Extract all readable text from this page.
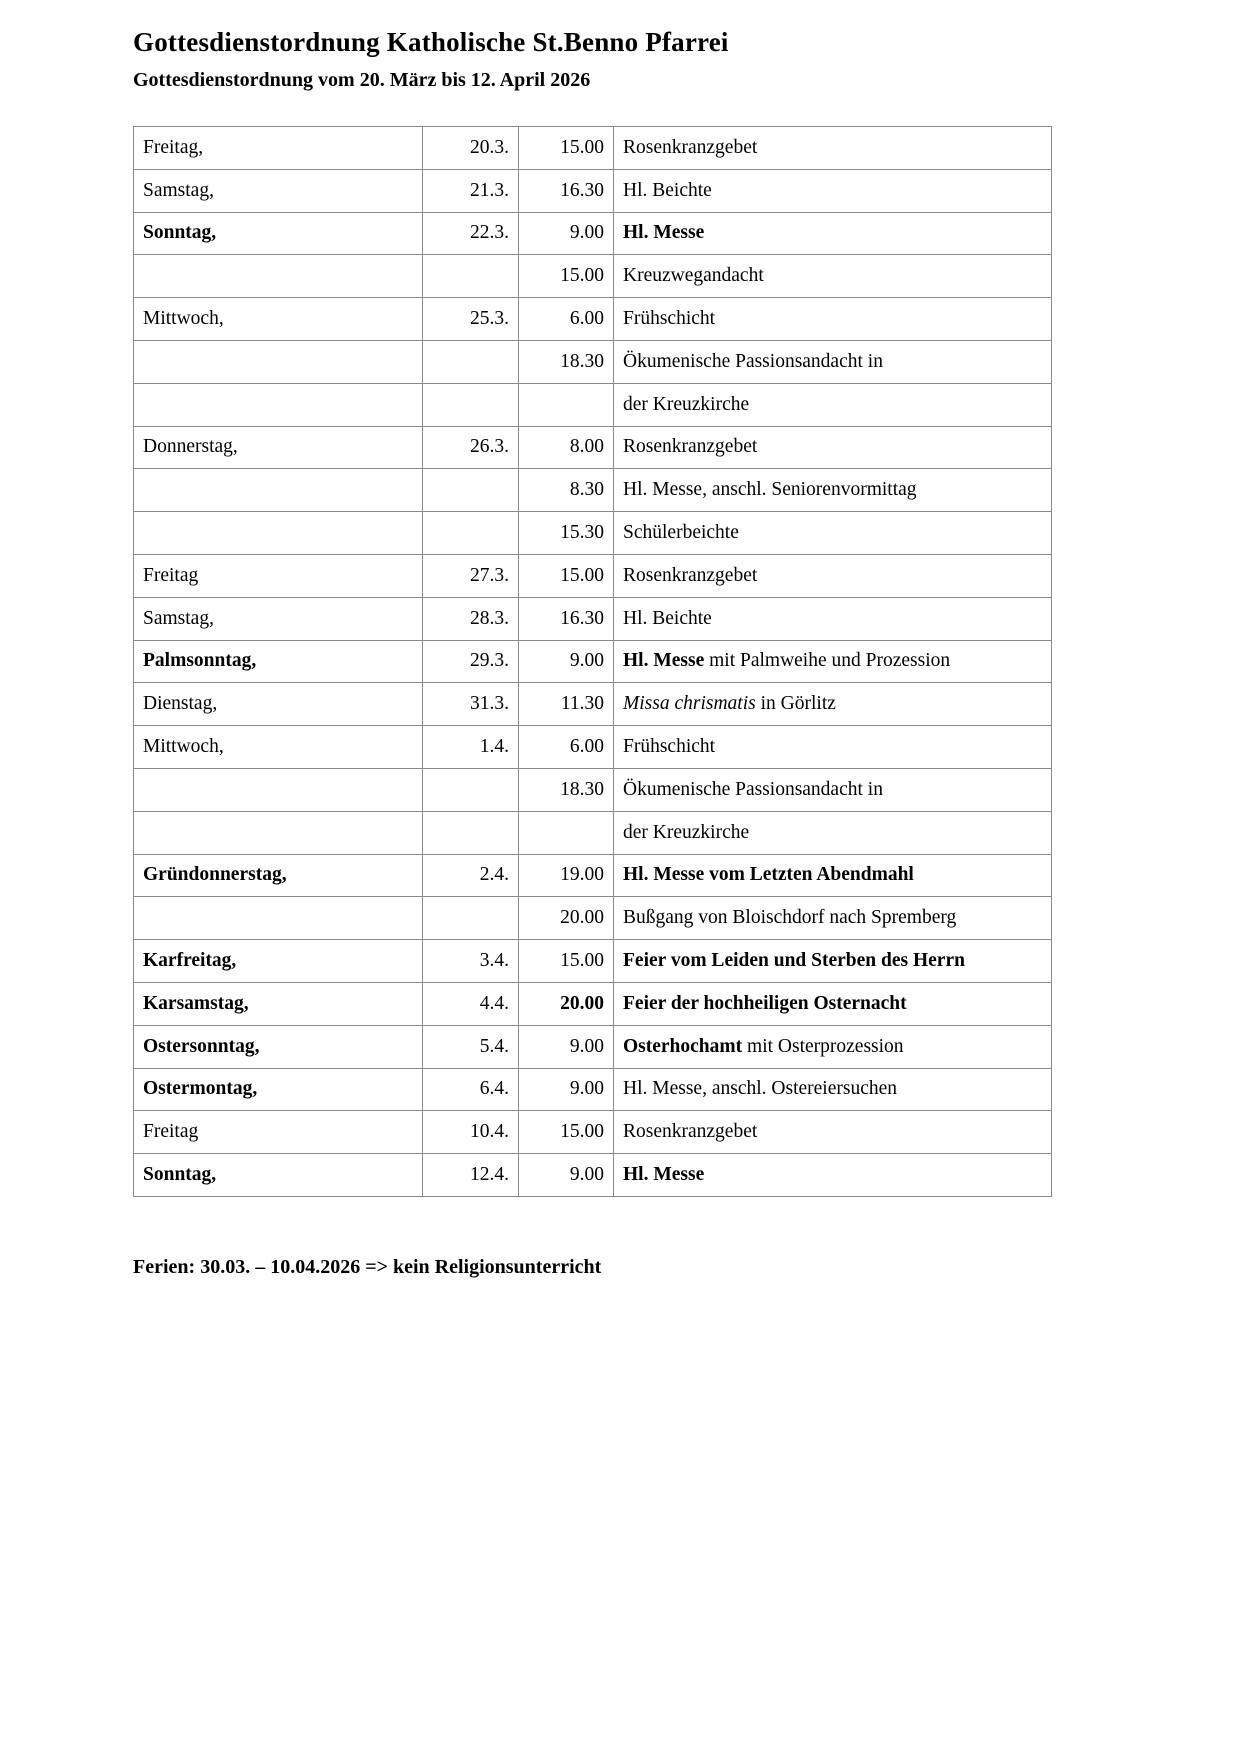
Gottesdienstordnung Katholische St.Benno Pfarrei
Gottesdienstordnung vom 20. März bis 12. April 2026
Freitag,	20.3.	15.00	Rosenkranzgebet
Samstag,	21.3.	16.30	Hl. Beichte
Sonntag,	22.3.	9.00	Hl. Messe
		15.00	Kreuzwegandacht
Mittwoch,	25.3.	6.00	Frühschicht
		18.30	Ökumenische Passionsandacht in
			der Kreuzkirche
Donnerstag,	26.3.	8.00	Rosenkranzgebet
		8.30	Hl. Messe, anschl. Seniorenvormittag
		15.30	Schülerbeichte
Freitag	27.3.	15.00	Rosenkranzgebet
Samstag,	28.3.	16.30	Hl. Beichte
Palmsonntag,	29.3.	9.00	Hl. Messe mit Palmweihe und Prozession
Dienstag,	31.3.	11.30	Missa chrismatis in Görlitz
Mittwoch,	1.4.	6.00	Frühschicht
		18.30	Ökumenische Passionsandacht in
			der Kreuzkirche
Gründonnerstag,	2.4.	19.00	Hl. Messe vom Letzten Abendmahl
		20.00	Bußgang von Bloischdorf nach Spremberg
Karfreitag,	3.4.	15.00	Feier vom Leiden und Sterben des Herrn
Karsamstag,	4.4.	20.00	Feier der hochheiligen Osternacht
Ostersonntag,	5.4.	9.00	Osterhochamt mit Osterprozession
Ostermontag,	6.4.	9.00	Hl. Messe, anschl. Ostereiersuchen
Freitag	10.4.	15.00	Rosenkranzgebet
Sonntag,	12.4.	9.00	Hl. Messe
Ferien: 30.03. – 10.04.2026 => kein Religionsunterricht
